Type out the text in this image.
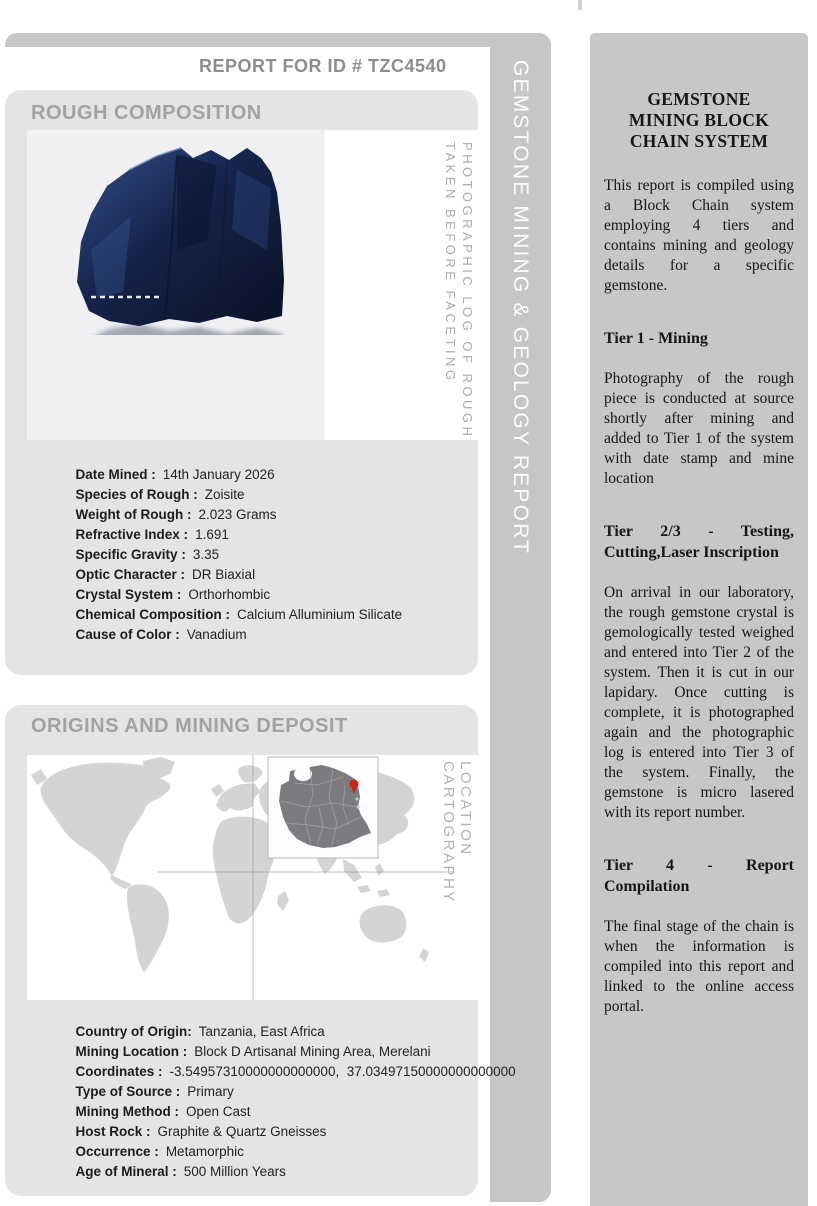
GEMSTONE MINING & GEOLOGY REPORT
REPORT FOR ID # TZC4540
ROUGH COMPOSITION
PHOTOGRAPHIC LOG OF ROUGH
TAKEN BEFORE FACETING

Date Mined : 14th January 2026

Species of Rough : Zoisite

Weight of Rough : 2.023 Grams

Refractive Index : 1.691

Specific Gravity : 3.35

Optic Character : DR Biaxial

Crystal System : Orthorhombic

Chemical Composition : Calcium Alluminium Silicate

Cause of Color : Vanadium

ORIGINS AND MINING DEPOSIT
LOCATION CARTOGRAPHY

Country of Origin: Tanzania, East Africa

Mining Location : Block D Artisanal Mining Area, Merelani

Coordinates : -3.54957310000000000000,  37.03497150000000000000

Type of Source : Primary

Mining Method : Open Cast

Host Rock : Graphite & Quartz Gneisses

Occurrence : Metamorphic

Age of Mineral : 500 Million Years

GEMSTONE
MINING BLOCK
CHAIN SYSTEM
This report is compiled using a Block Chain system employing 4 tiers and contains mining and geology details for a specific gemstone.
Tier 1 - Mining
Photography of the rough piece is conducted at source shortly after mining and added to Tier 1 of the system with date stamp and mine location
Tier 2/3 - Testing, Cutting,Laser Inscription
On arrival in our laboratory, the rough gemstone crystal is gemologically tested weighed and entered into Tier 2 of the system. Then it is cut in our lapidary. Once cutting is complete, it is photographed again and the photographic log is entered into Tier 3 of the system. Finally, the gemstone is micro lasered with its report number.
Tier 4 - Report Compilation
The final stage of the chain is when the information is compiled into this report and linked to the online access portal.
